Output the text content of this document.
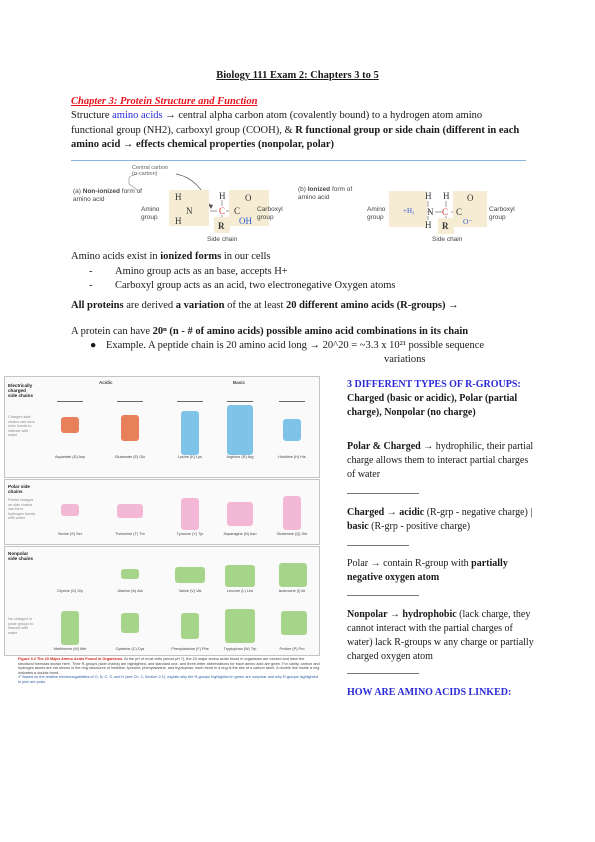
Biology 111 Exam 2: Chapters 3 to 5
Chapter 3: Protein Structure and Function
Structure amino acids → central alpha carbon atom (covalently bound) to a hydrogen atom amino functional group (NH2), carboxyl group (COOH), & R functional group or side chain (different in each amino acid → effects chemical properties (nonpolar, polar)
Central carbon
(α-carbon)
(a) Non-ionized form of amino acid	H
N
H
H
C C
O
OH
R
Amino group
Carboxyl group
Side chain
(b) Ionized form of amino acid	H H
+H₃ N C C
O
O⁻
H R
Amino group
Carboxyl group
Side chain
Amino acids exist in ionized forms in our cells
- Amino group acts as an base, accepts H+
- Carboxyl group acts as an acid, two electronegative Oxygen atoms
All proteins are derived a variation of the at least 20 different amino acids (R-groups) →
A protein can have 20ⁿ (n - # of amino acids) possible amino acid combinations in its chain
● Example. A peptide chain is 20 amino acid long → 20^20 = ~3.3 x 10²¹ possible sequence
variations
Electrically charged side chains
Charged side chains can form ionic bonds to interact with water
Acidic	Basic
Aspartate (D) Asp	Glutamate (E) Glu	Lysine (K) Lys	Arginine (R) Arg	Histidine (H) His
Polar side chains
Partial charges on side chains can form hydrogen bonds with water
Serine (S) Ser	Threonine (T) Thr	Tyrosine (Y) Tyr	Asparagine (N) Asn	Glutamine (Q) Gln
Nonpolar side chains
No charged or polar groups to interact with water
Glycine (G) Gly	Alanine (A) Ala	Valine (V) Val	Leucine (L) Leu	Isoleucine (I) Ile
Methionine (M) Met	Cysteine (C) Cys	Phenylalanine (F) Phe	Tryptophan (W) Trp	Proline (P) Pro
Figure 3.2 The 20 Major Amino Acids Found in Organisms. At the pH of most cells (about pH 7), the 20 major amino acids found in organisms are ionized and have the structural formulas shown here. Their R-groups (side chains) are highlighted, and standard one- and three-letter abbreviations for each amino acid are given. For clarity, carbon and hydrogen atoms are not shown in the ring structures of histidine, tyrosine, phenylalanine, and tryptophan; each bend in a ring is the site of a carbon atom. A double line inside a ring indicates a double bond.
✔ Based on the relative electronegativities of O, N, C, S, and H (see Ch. 2, Section 2.1), explain why the R-groups highlighted in green are nonpolar and why R-groups highlighted in pink are polar.
3 DIFFERENT TYPES OF R-GROUPS: Charged (basic or acidic), Polar (partial charge), Nonpolar (no charge)
Polar & Charged → hydrophilic, their partial charge allows them to interact partial charges of water
Charged → acidic (R-grp - negative charge) | basic (R-grp - positive charge)
Polar → contain R-group with partially negative oxygen atom
Nonpolar → hydrophobic (lack charge, they cannot interact with the partial charges of water) lack R-groups w any charge or partially charged oxygen atom
HOW ARE AMINO ACIDS LINKED:
